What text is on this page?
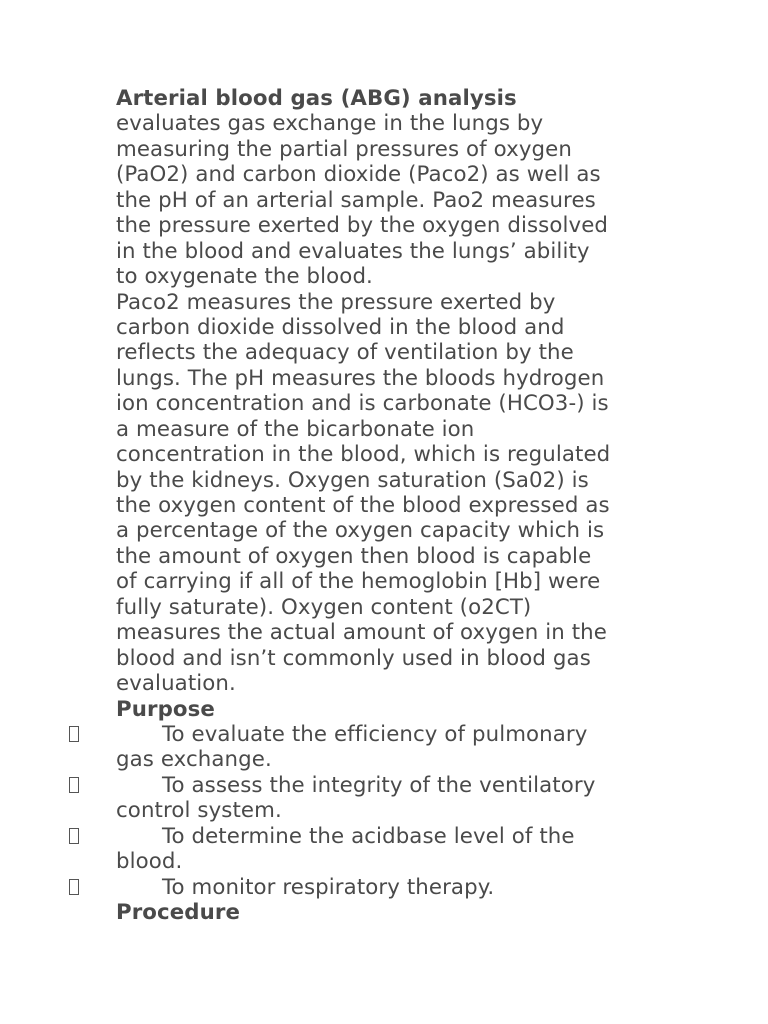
Arterial blood gas (ABG) analysis
evaluates gas exchange in the lungs by
measuring the partial pressures of oxygen
(PaO2) and carbon dioxide (Paco2) as well as
the pH of an arterial sample. Pao2 measures
the pressure exerted by the oxygen dissolved
in the blood and evaluates the lungs’ ability
to oxygenate the blood.
Paco2 measures the pressure exerted by
carbon dioxide dissolved in the blood and
reflects the adequacy of ventilation by the
lungs. The pH measures the bloods hydrogen
ion concentration and is carbonate (HCO3-) is
a measure of the bicarbonate ion
concentration in the blood, which is regulated
by the kidneys. Oxygen saturation (Sa02) is
the oxygen content of the blood expressed as
a percentage of the oxygen capacity which is
the amount of oxygen then blood is capable
of carrying if all of the hemoglobin [Hb] were
fully saturate). Oxygen content (o2CT)
measures the actual amount of oxygen in the
blood and isn’t commonly used in blood gas
evaluation.
Purpose
To evaluate the efficiency of pulmonary
gas exchange.
To assess the integrity of the ventilatory
control system.
To determine the acidbase level of the
blood.
To monitor respiratory therapy.
Procedure
